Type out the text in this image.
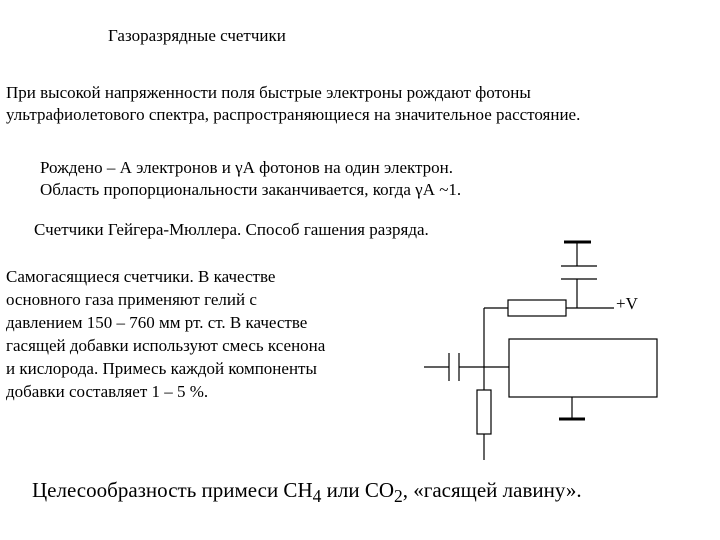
Газоразрядные счетчики
При высокой напряженности поля быстрые электроны рождают фотоны
ультрафиолетового спектра, распространяющиеся на значительное расстояние.
Рождено – А электронов и γА фотонов на один электрон.
Область пропорциональности заканчивается, когда γА ~1.
Счетчики Гейгера-Мюллера. Способ гашения разряда.
Самогасящиеся счетчики. В качестве
основного газа применяют гелий с
давлением 150 – 760 мм рт. ст. В качестве
гасящей добавки используют смесь ксенона
и кислорода. Примесь каждой компоненты
добавки составляет 1 – 5 %.
+V
Целесообразность примеси $CH_4$ или $CO_2$, «гасящей лавину».
